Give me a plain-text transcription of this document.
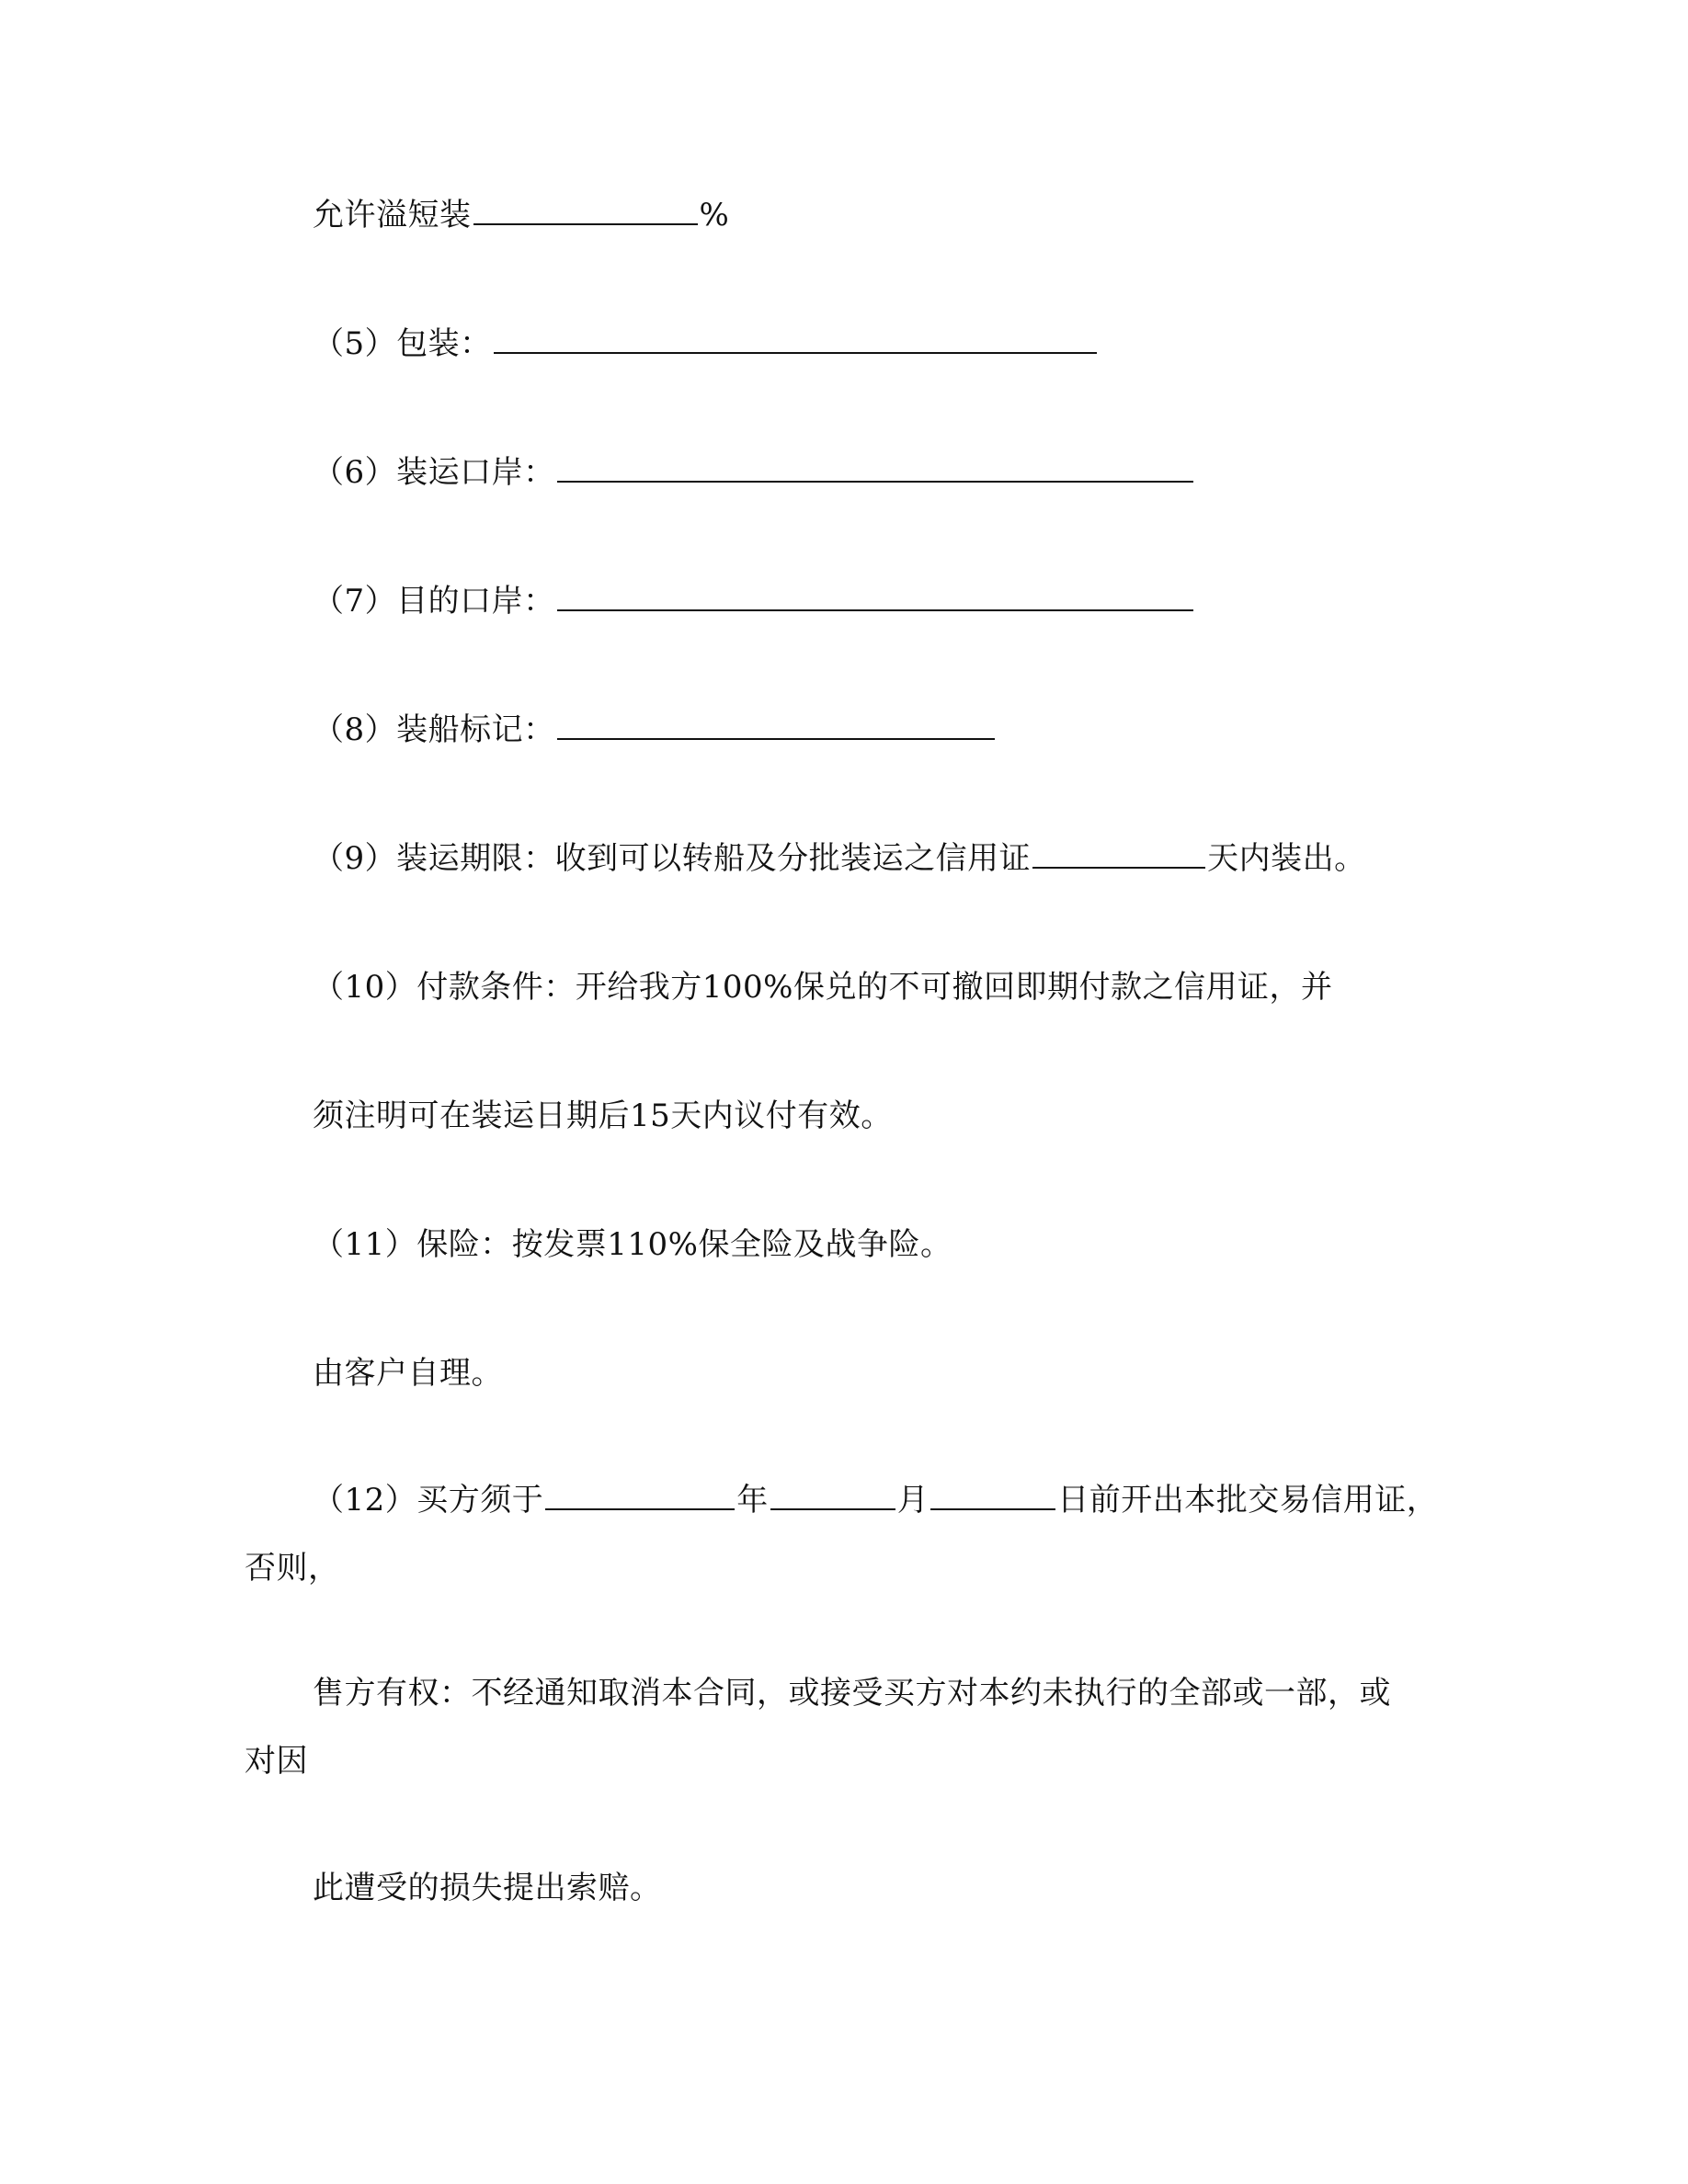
允许溢短装	%
（5）包装：
（6）装运口岸：
（7）目的口岸：
（8）装船标记：
（9）装运期限：收到可以转船及分批装运之信用证	天内装出。
（10）付款条件：开给我方100%保兑的不可撤回即期付款之信用证，并
须注明可在装运日期后15天内议付有效。
（11）保险：按发票110%保全险及战争险。
由客户自理。
（12）买方须于	年	月	日前开出本批交易信用证，
否则，
售方有权：不经通知取消本合同，或接受买方对本约未执行的全部或一部，或
对因
此遭受的损失提出索赔。
